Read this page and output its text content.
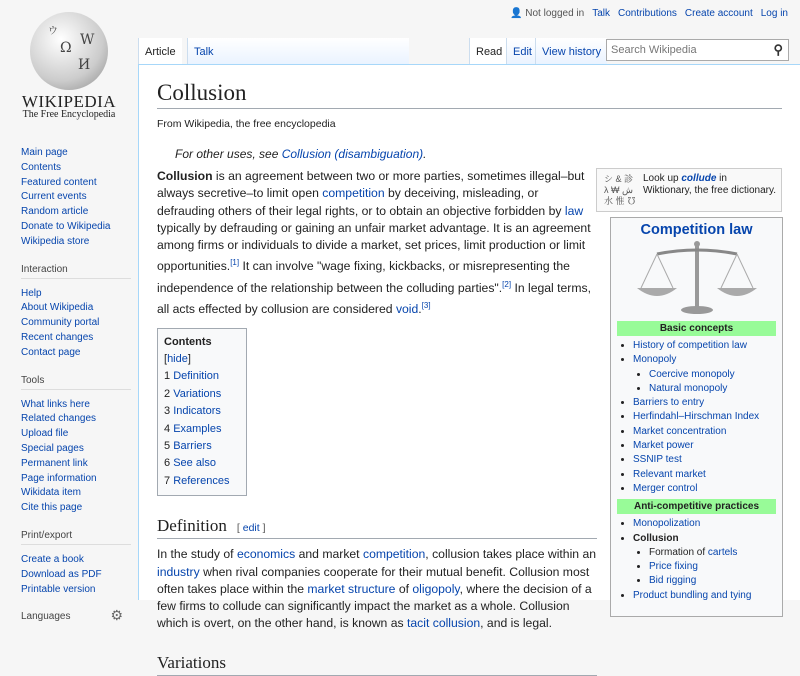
Ω W
И
ウ
WIKIPEDIA
The Free Encyclopedia
👤 Not logged in Talk Contributions Create account Log in
Article	Talk	Read Edit View history Search Wikipedia	⚲
Main page
Contents
Featured content
Current events
Random article
Donate to Wikipedia
Wikipedia store
Interaction
Help
About Wikipedia
Community portal
Recent changes
Contact page
Tools
What links here
Related changes
Upload file
Special pages
Permanent link
Page information
Wikidata item
Cite this page
Print/export
Create a book
Download as PDF
Printable version
Languages	⚙
Collusion
From Wikipedia, the free encyclopedia
For other uses, see Collusion (disambiguation).

Collusion is an agreement between two or more parties, sometimes illegal–but always secretive–to limit open competition by deceiving, misleading, or defrauding others of their legal rights, or to obtain an objective forbidden by law typically by defrauding or gaining an unfair market advantage. It is an agreement among firms or individuals to divide a market, set prices, limit production or limit opportunities.[1] It can involve "wage fixing, kickbacks, or misrepresenting the independence of the relationship between the colluding parties".[2] In legal terms, all acts effected by collusion are considered void.[3]

Contents [hide]
1 Definition
2 Variations
3 Indicators
4 Examples
5 Barriers
6 See also
7 References
Definition [ edit ]

In the study of economics and market competition, collusion takes place within an industry when rival companies cooperate for their mutual benefit. Collusion most often takes place within the market structure of oligopoly, where the decision of a few firms to collude can significantly impact the market as a whole. Collusion which is overt, on the other hand, is known as tacit collusion, and is legal.

Variations
シ & 診
λ ₩ ش
水 惟 ℧
Look up collude in Wiktionary, the free dictionary.
Competition law
Basic concepts
• History of competition law
• Monopoly
• Coercive monopoly
• Natural monopoly
• Barriers to entry
• Herfindahl–Hirschman Index
• Market concentration
• Market power
• SSNIP test
• Relevant market
• Merger control
Anti-competitive practices
• Monopolization
• Collusion
• Formation of cartels
• Price fixing
• Bid rigging
• Product bundling and tying
